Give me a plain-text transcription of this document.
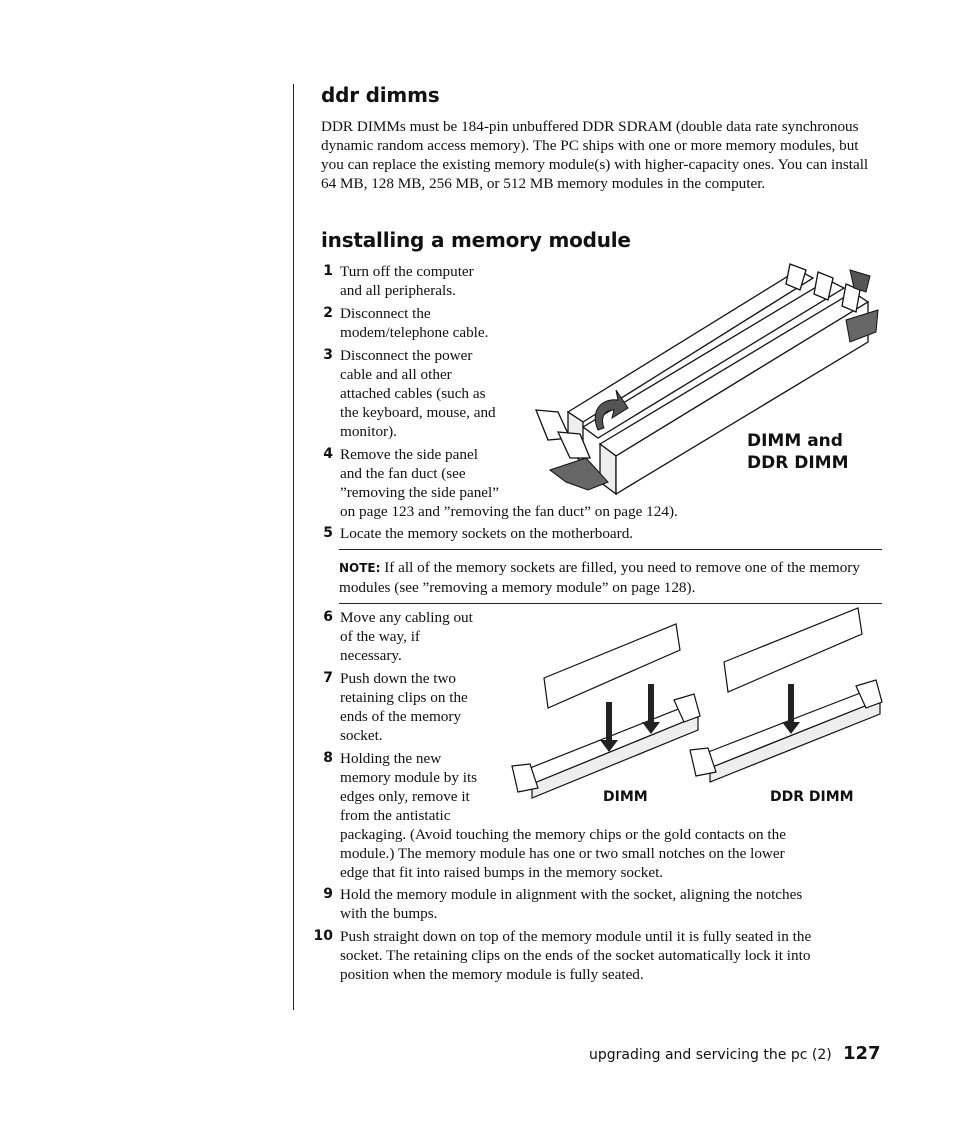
ddr dimms

DDR DIMMs must be 184-pin unbuffered DDR SDRAM (double data rate synchronous dynamic random access memory). The PC ships with one or more memory modules, but you can replace the existing memory module(s) with higher-capacity ones. You can install 64 MB, 128 MB, 256 MB, or 512 MB memory modules in the computer.

installing a memory module
1 Turn off the computer
and all peripherals.
2 Disconnect the
modem/telephone cable.
3 Disconnect the power
cable and all other
attached cables (such as
the keyboard, mouse, and
monitor).
4 Remove the side panel
and the fan duct (see
”removing the side panel”
on page 123 and ”removing the fan duct” on page 124).
5 Locate the memory sockets on the motherboard.
DIMM and
DDR DIMM
NOTE: If all of the memory sockets are filled, you need to remove one of the memory modules (see ”removing a memory module” on page 128).
6 Move any cabling out
of the way, if
necessary.
7 Push down the two
retaining clips on the
ends of the memory
socket.
8 Holding the new
memory module by its
edges only, remove it
from the antistatic
packaging. (Avoid touching the memory chips or the gold contacts on the
module.) The memory module has one or two small notches on the lower
edge that fit into raised bumps in the memory socket.
DIMM	DDR DIMM
9 Hold the memory module in alignment with the socket, aligning the notches
with the bumps.
10 Push straight down on top of the memory module until it is fully seated in the
socket. The retaining clips on the ends of the socket automatically lock it into
position when the memory module is fully seated.
upgrading and servicing the pc (2) 127
